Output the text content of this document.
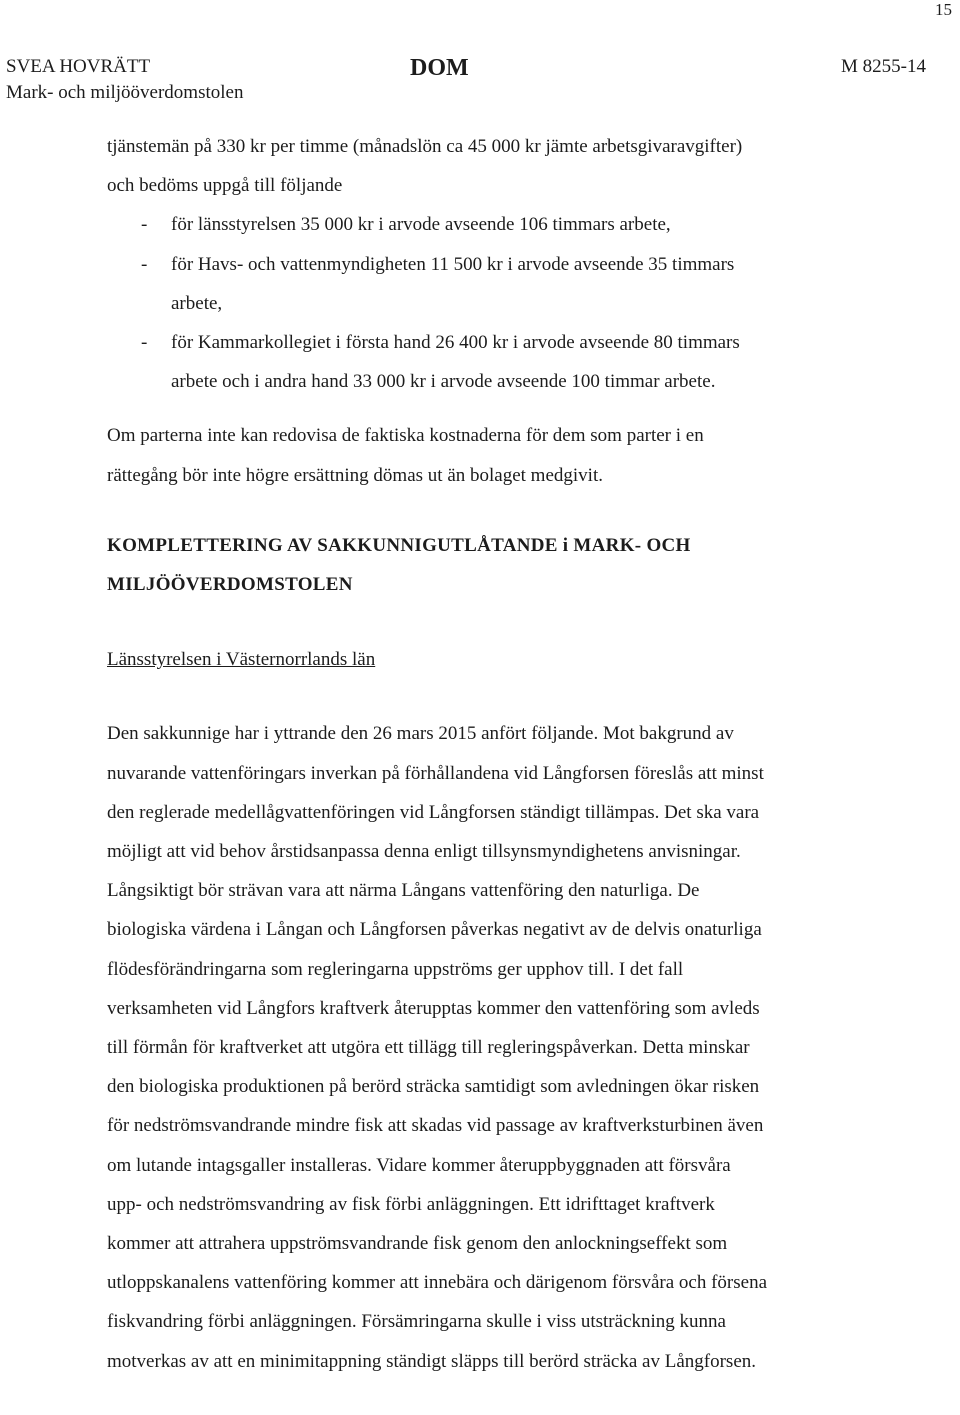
15
SVEA HOVRÄTT
Mark- och miljööverdomstolen
DOM	M 8255-14
tjänstemän på 330 kr per timme (månadslön ca 45 000 kr jämte arbetsgivaravgifter)
och bedöms uppgå till följande
- för länsstyrelsen 35 000 kr i arvode avseende 106 timmars arbete,
- för Havs- och vattenmyndigheten 11 500 kr i arvode avseende 35 timmars
arbete,
- för Kammarkollegiet i första hand 26 400 kr i arvode avseende 80 timmars
arbete och i andra hand 33 000 kr i arvode avseende 100 timmar arbete.
Om parterna inte kan redovisa de faktiska kostnaderna för dem som parter i en
rättegång bör inte högre ersättning dömas ut än bolaget medgivit.
KOMPLETTERING AV SAKKUNNIGUTLÅTANDE i MARK- OCH
MILJÖÖVERDOMSTOLEN
Länsstyrelsen i Västernorrlands län
Den sakkunnige har i yttrande den 26 mars 2015 anfört följande. Mot bakgrund av
nuvarande vattenföringars inverkan på förhållandena vid Långforsen föreslås att minst
den reglerade medellågvattenföringen vid Långforsen ständigt tillämpas. Det ska vara
möjligt att vid behov årstidsanpassa denna enligt tillsynsmyndighetens anvisningar.
Långsiktigt bör strävan vara att närma Långans vattenföring den naturliga. De
biologiska värdena i Långan och Långforsen påverkas negativt av de delvis onaturliga
flödesförändringarna som regleringarna uppströms ger upphov till. I det fall
verksamheten vid Långfors kraftverk återupptas kommer den vattenföring som avleds
till förmån för kraftverket att utgöra ett tillägg till regleringspåverkan. Detta minskar
den biologiska produktionen på berörd sträcka samtidigt som avledningen ökar risken
för nedströmsvandrande mindre fisk att skadas vid passage av kraftverksturbinen även
om lutande intagsgaller installeras. Vidare kommer återuppbyggnaden att försvåra
upp- och nedströmsvandring av fisk förbi anläggningen. Ett idrifttaget kraftverk
kommer att attrahera uppströmsvandrande fisk genom den anlockningseffekt som
utloppskanalens vattenföring kommer att innebära och därigenom försvåra och försena
fiskvandring förbi anläggningen. Försämringarna skulle i viss utsträckning kunna
motverkas av att en minimitappning ständigt släpps till berörd sträcka av Långforsen.
